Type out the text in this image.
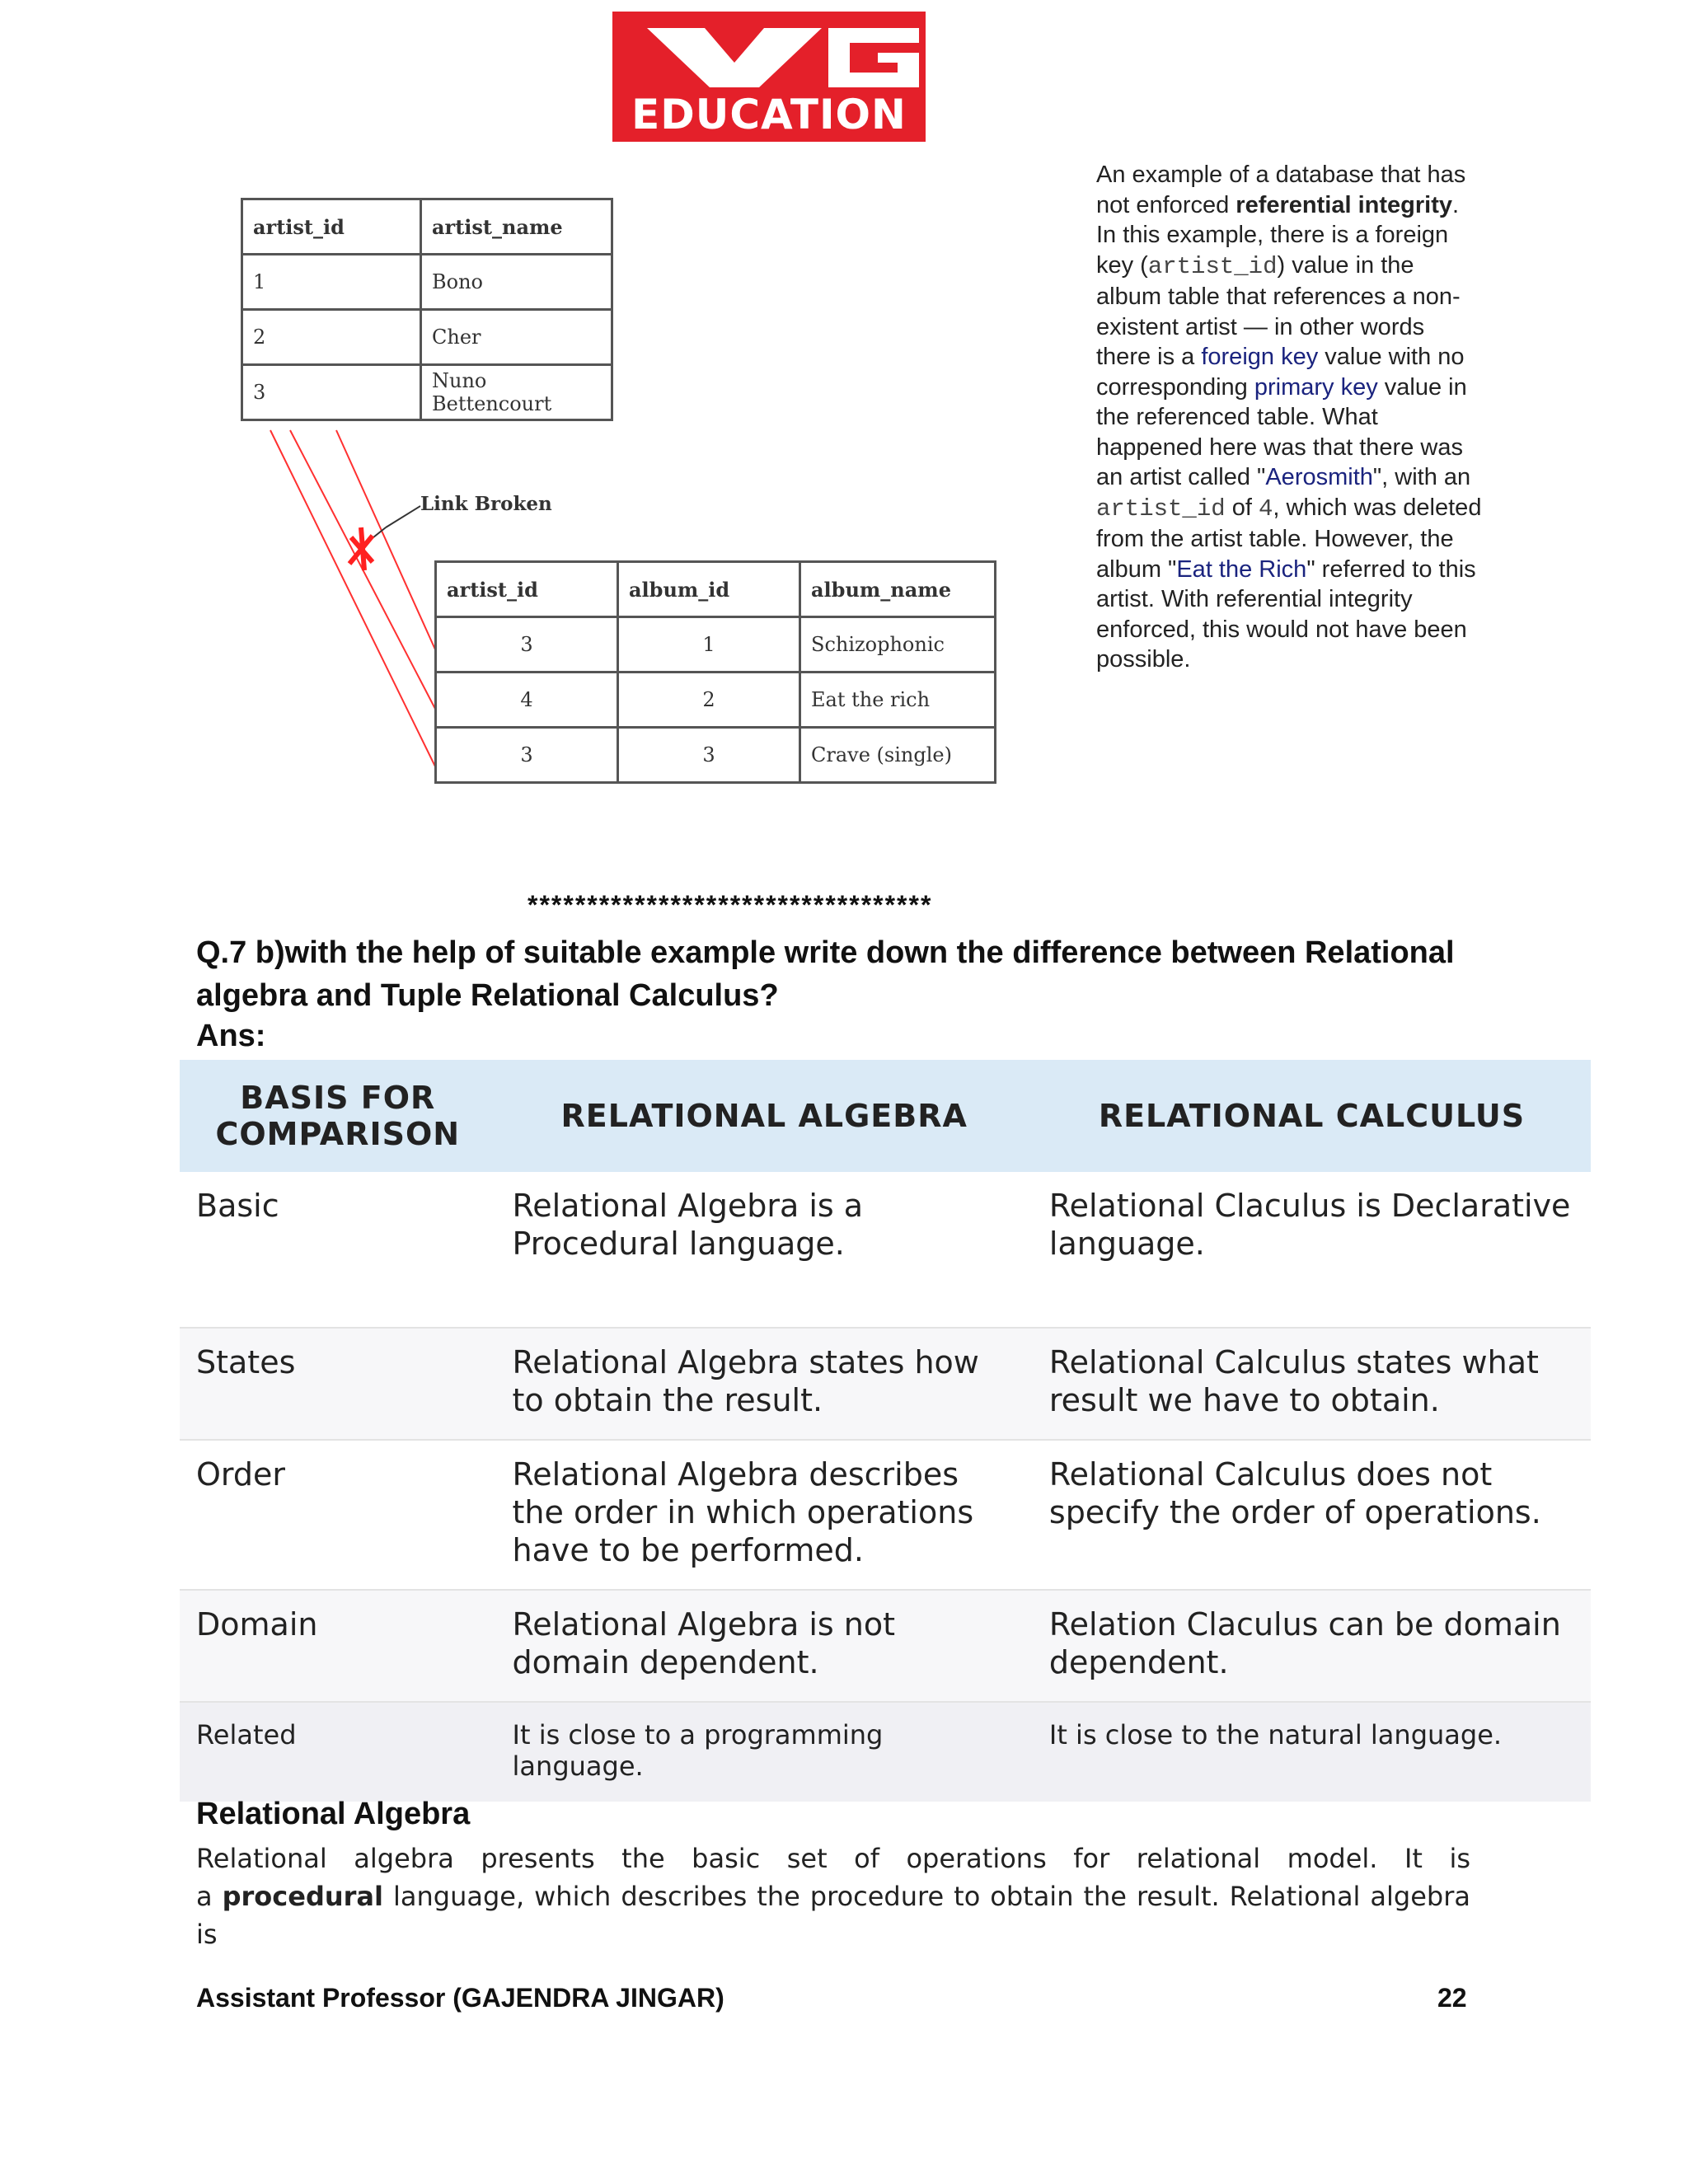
EDUCATION
artist_id	artist_name
1	Bono
2	Cher
3	Nuno Bettencourt
Link Broken
artist_id	album_id	album_name
3	1	Schizophonic
4	2	Eat the rich
3	3	Crave (single)
An example of a database that has not enforced referential integrity. In this example, there is a foreign key (artist_id) value in the album table that references a non-existent artist — in other words there is a foreign key value with no corresponding primary key value in the referenced table. What happened here was that there was an artist called "Aerosmith", with an artist_id of 4, which was deleted from the artist table. However, the album "Eat the Rich" referred to this artist. With referential integrity enforced, this would not have been possible.
**********************************
Q.7 b)with the help of suitable example write down the difference between Relational algebra and Tuple Relational Calculus?
Ans:
BASIS FOR COMPARISON	RELATIONAL ALGEBRA	RELATIONAL CALCULUS
Basic	Relational Algebra is a Procedural language.	Relational Claculus is Declarative language.
States	Relational Algebra states how to obtain the result.	Relational Calculus states what result we have to obtain.
Order	Relational Algebra describes the order in which operations have to be performed.	Relational Calculus does not specify the order of operations.
Domain	Relational Algebra is not domain dependent.	Relation Claculus can be domain dependent.
Related	It is close to a programming language.	It is close to the natural language.
Relational Algebra
Relational algebra presents the basic set of operations for relational model. It is
a procedural language, which describes the procedure to obtain the result. Relational algebra is
Assistant Professor (GAJENDRA JINGAR)	22
